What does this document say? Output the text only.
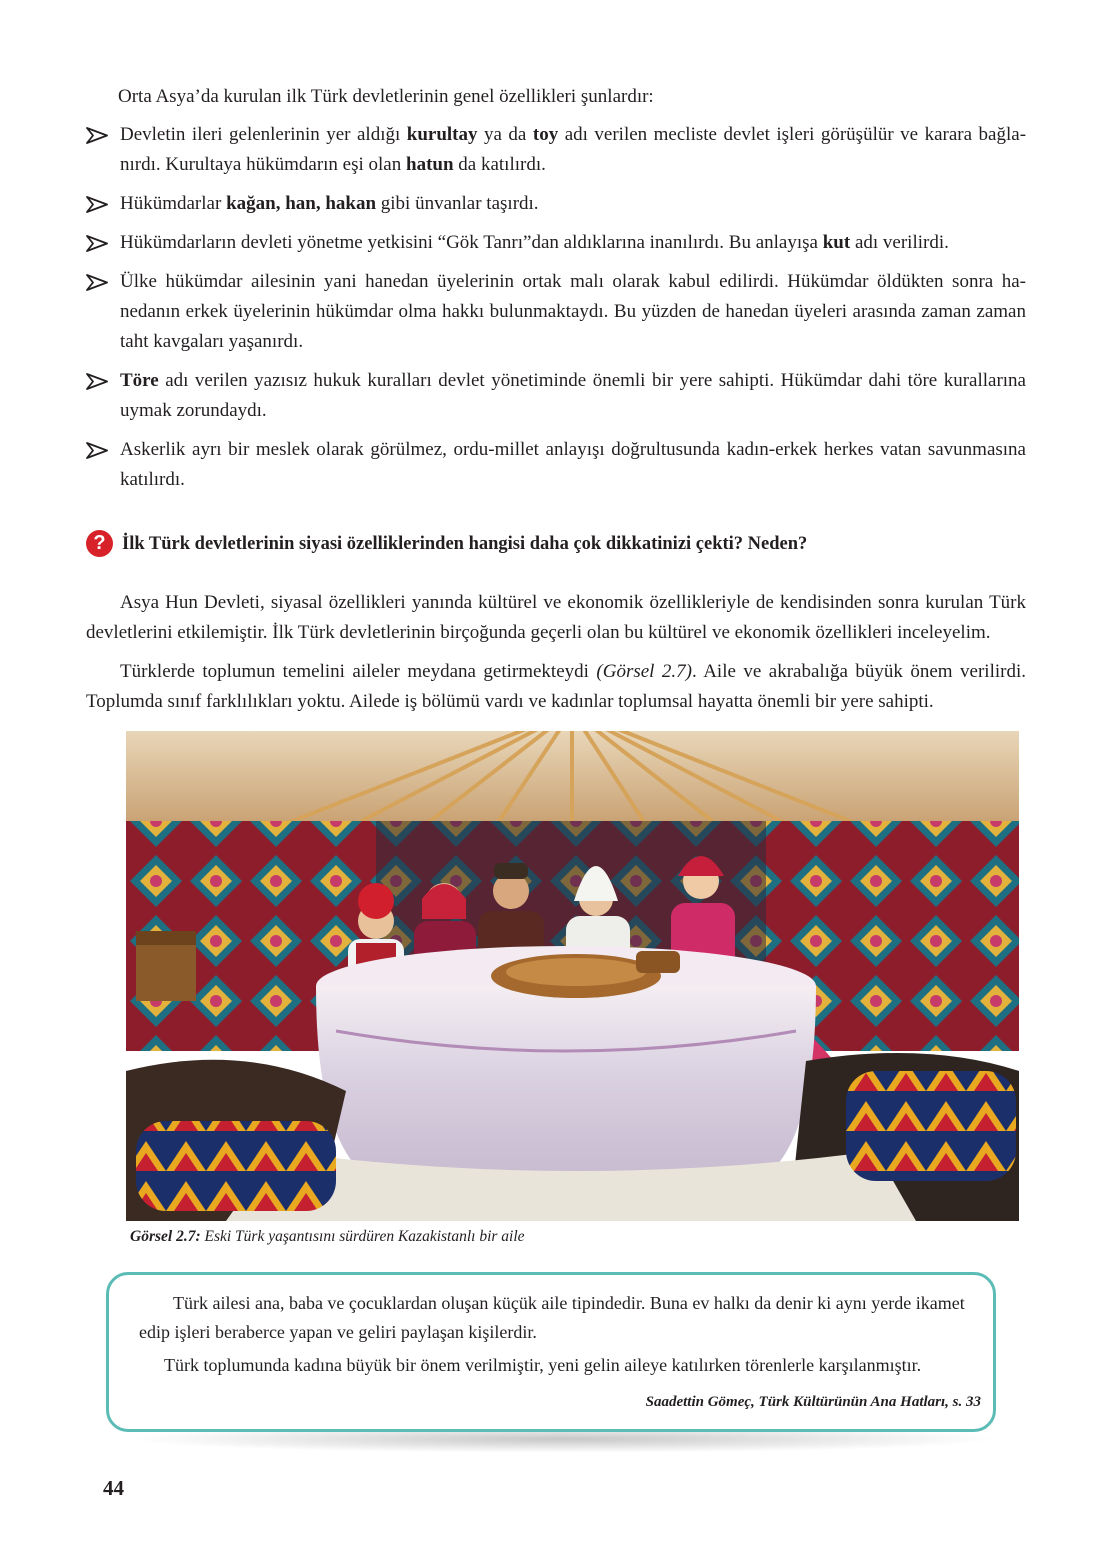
Orta Asya’da kurulan ilk Türk devletlerinin genel özellikleri şunlardır:

Devletin ileri gelenlerinin yer aldığı kurultay ya da toy adı verilen mecliste devlet işleri görüşülür ve karara bağlanırdı. Kurultaya hükümdarın eşi olan hatun da katılırdı.
Hükümdarlar kağan, han, hakan gibi ünvanlar taşırdı.
Hükümdarların devleti yönetme yetkisini “Gök Tanrı”dan aldıklarına inanılırdı. Bu anlayışa kut adı verilirdi.
Ülke hükümdar ailesinin yani hanedan üyelerinin ortak malı olarak kabul edilirdi. Hükümdar öldükten sonra hanedanın erkek üyelerinin hükümdar olma hakkı bulunmaktaydı. Bu yüzden de hanedan üyeleri arasında zaman zaman taht kavgaları yaşanırdı.
Töre adı verilen yazısız hukuk kuralları devlet yönetiminde önemli bir yere sahipti. Hükümdar dahi töre kurallarına uymak zorundaydı.
Askerlik ayrı bir meslek olarak görülmez, ordu-millet anlayışı doğrultusunda kadın-erkek herkes vatan savunmasına katılırdı.
? İlk Türk devletlerinin siyasi özelliklerinden hangisi daha çok dikkatinizi çekti? Neden?

Asya Hun Devleti, siyasal özellikleri yanında kültürel ve ekonomik özellikleriyle de kendisinden sonra kurulan Türk devletlerini etkilemiştir. İlk Türk devletlerinin birçoğunda geçerli olan bu kültürel ve ekonomik özellikleri inceleyelim.

Türklerde toplumun temelini aileler meydana getirmekteydi (Görsel 2.7). Aile ve akrabalığa büyük önem verilirdi. Toplumda sınıf farklılıkları yoktu. Ailede iş bölümü vardı ve kadınlar toplumsal hayatta önemli bir yere sahipti.

Görsel 2.7: Eski Türk yaşantısını sürdüren Kazakistanlı bir aile

Türk ailesi ana, baba ve çocuklardan oluşan küçük aile tipindedir. Buna ev halkı da denir ki aynı yerde ikamet edip işleri beraberce yapan ve geliri paylaşan kişilerdir.

Türk toplumunda kadına büyük bir önem verilmiştir, yeni gelin aileye katılırken törenlerle karşılanmıştır.

Saadettin Gömeç, Türk Kültürünün Ana Hatları, s. 33
44
